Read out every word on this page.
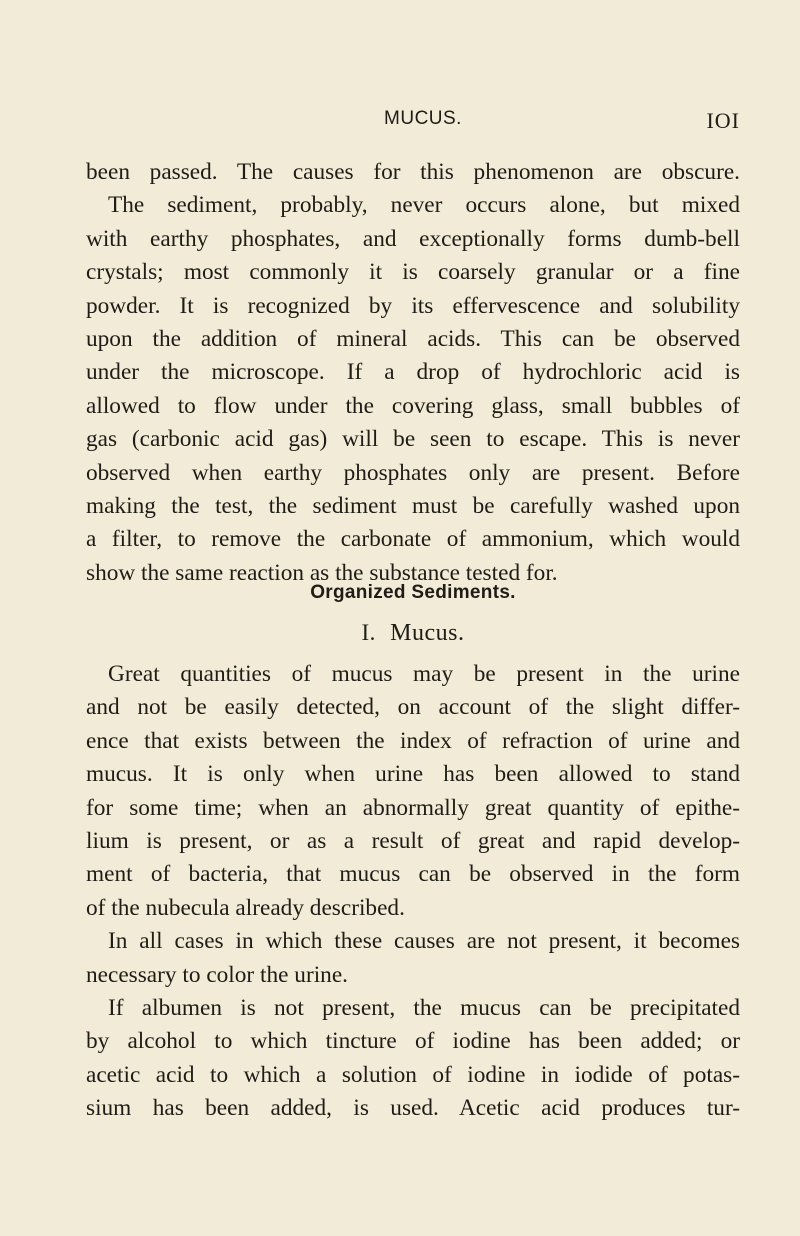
MUCUS.	IOI
been passed. The causes for this phenomenon are obscure.
The sediment, probably, never occurs alone, but mixed
with earthy phosphates, and exceptionally forms dumb-bell
crystals; most commonly it is coarsely granular or a fine
powder. It is recognized by its effervescence and solubility
upon the addition of mineral acids. This can be observed
under the microscope. If a drop of hydrochloric acid is
allowed to flow under the covering glass, small bubbles of
gas (carbonic acid gas) will be seen to escape. This is never
observed when earthy phosphates only are present. Before
making the test, the sediment must be carefully washed upon
a filter, to remove the carbonate of ammonium, which would
show the same reaction as the substance tested for.
Organized Sediments.
I. Mucus.
Great quantities of mucus may be present in the urine
and not be easily detected, on account of the slight differ-
ence that exists between the index of refraction of urine and
mucus. It is only when urine has been allowed to stand
for some time; when an abnormally great quantity of epithe-
lium is present, or as a result of great and rapid develop-
ment of bacteria, that mucus can be observed in the form
of the nubecula already described.
In all cases in which these causes are not present, it becomes
necessary to color the urine.
If albumen is not present, the mucus can be precipitated
by alcohol to which tincture of iodine has been added; or
acetic acid to which a solution of iodine in iodide of potas-
sium has been added, is used. Acetic acid produces tur-
